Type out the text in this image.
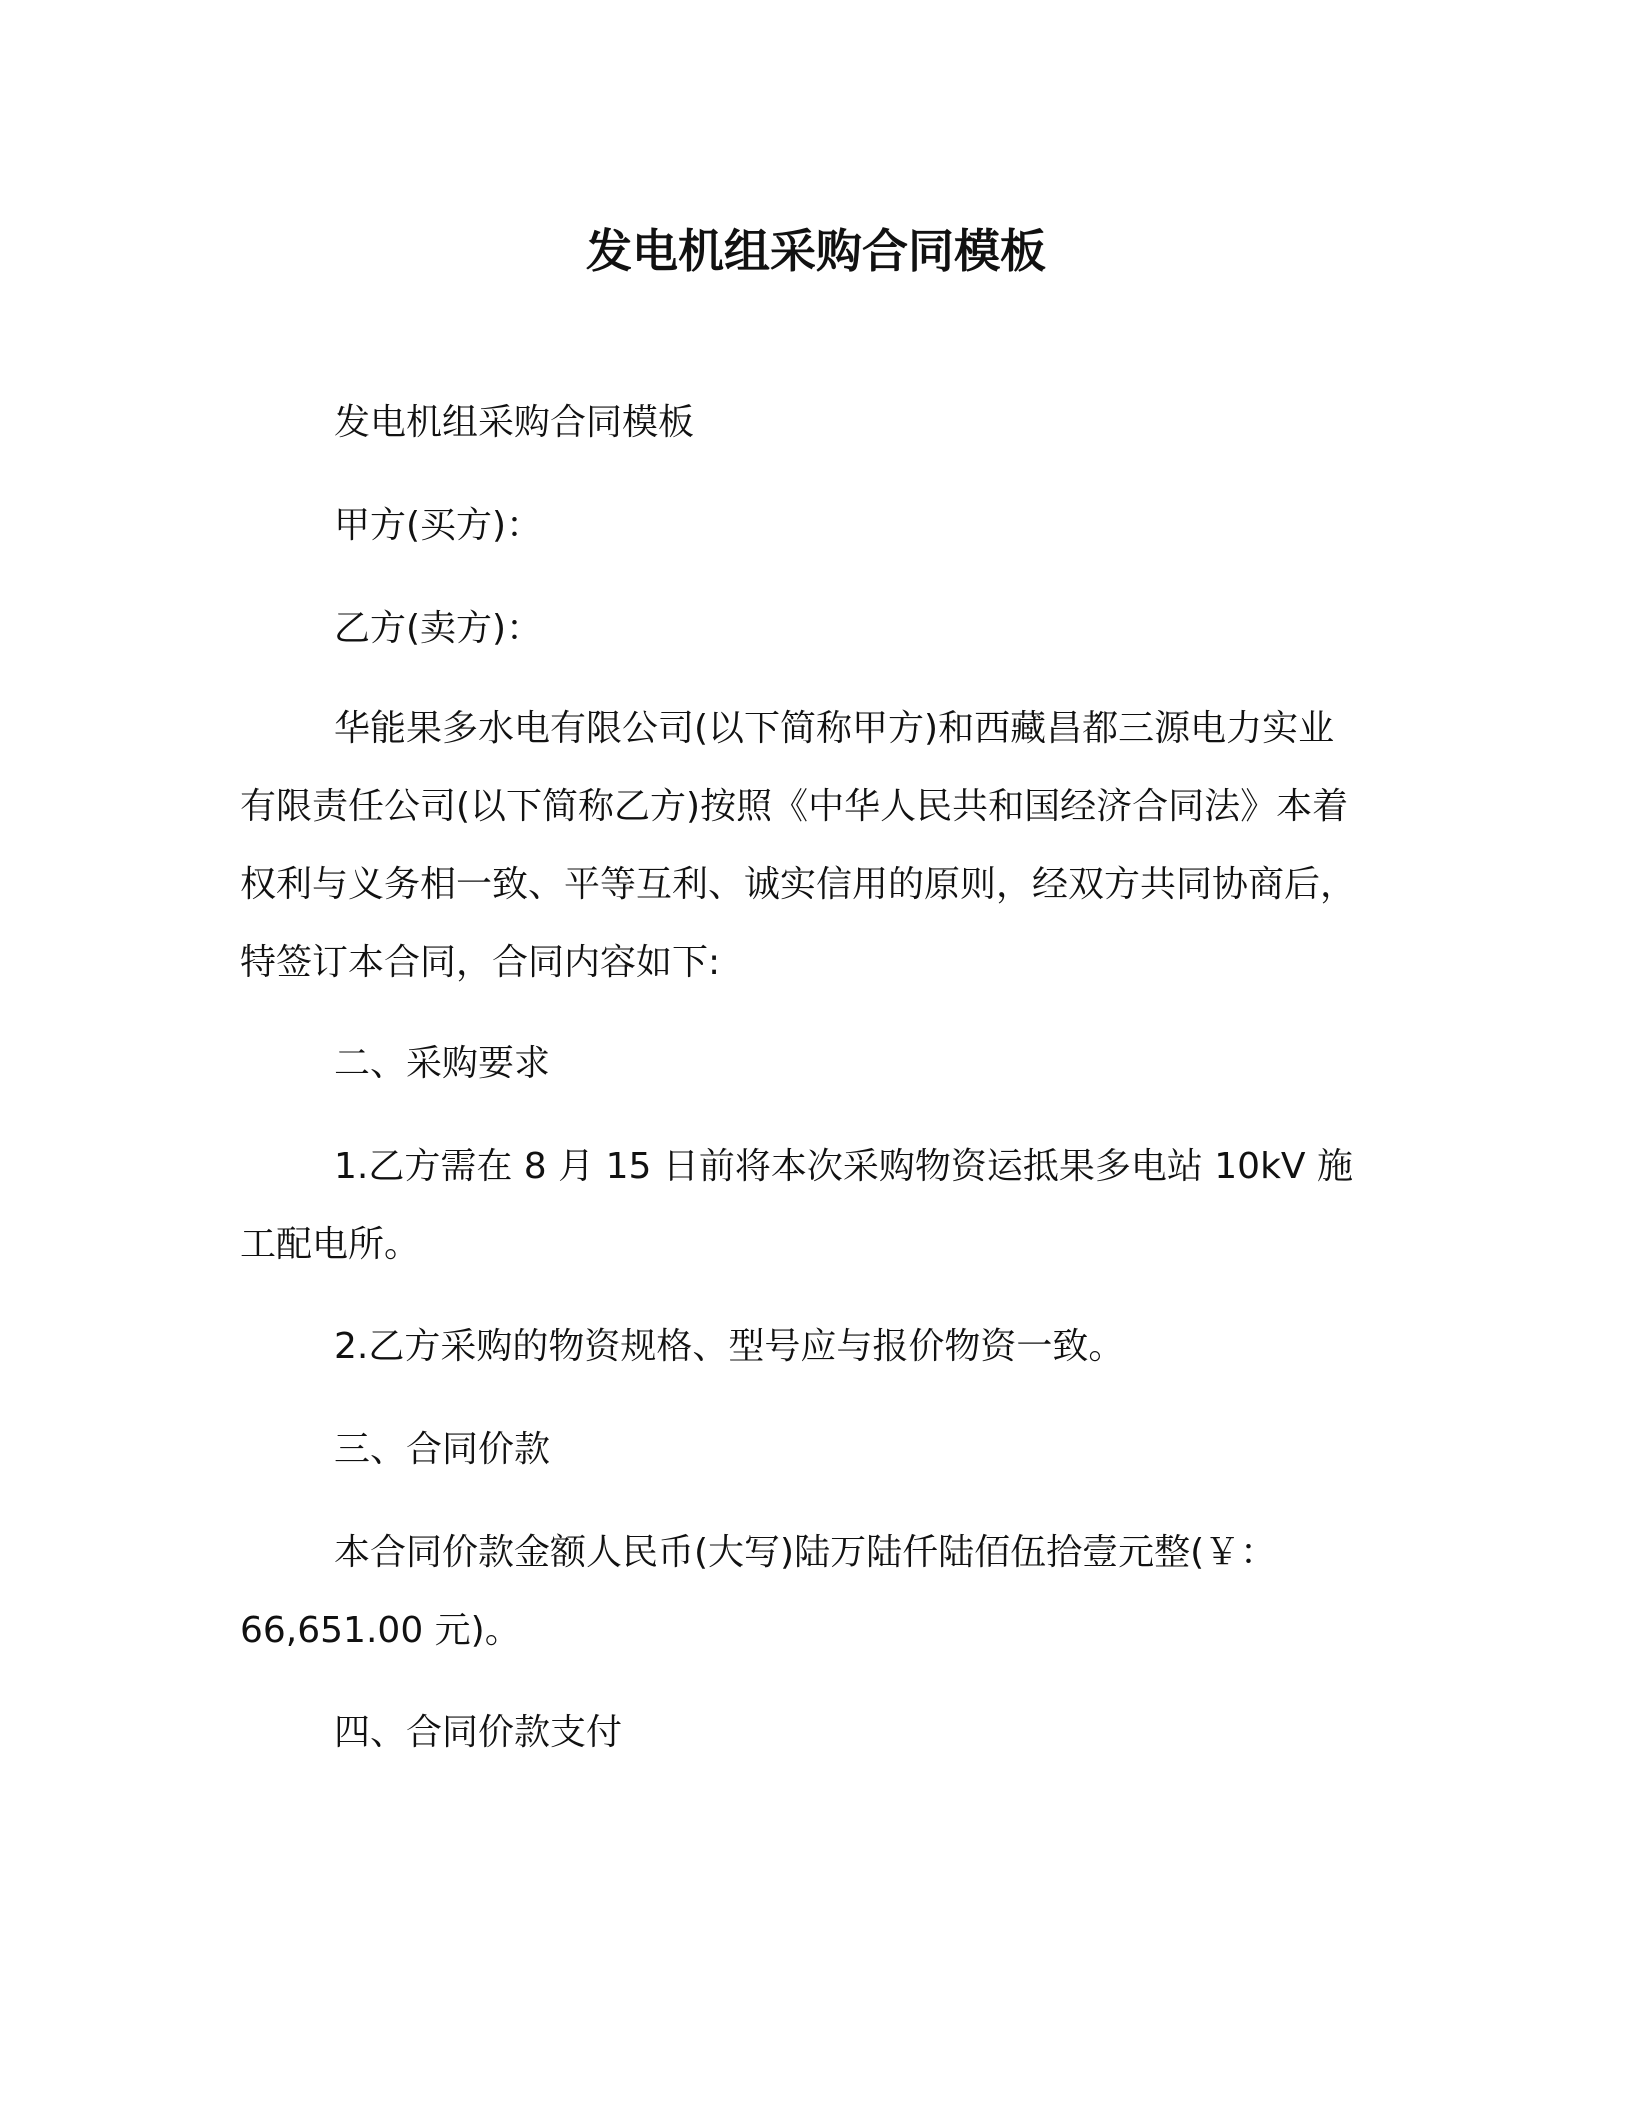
发电机组采购合同模板

发电机组采购合同模板

甲方(买方)：

乙方(卖方)：

华能果多水电有限公司(以下简称甲方)和西藏昌都三源电力实业
有限责任公司(以下简称乙方)按照《中华人民共和国经济合同法》本着
权利与义务相一致、平等互利、诚实信用的原则，经双方共同协商后，
特签订本合同，合同内容如下:

二、采购要求

1.乙方需在 8 月 15 日前将本次采购物资运抵果多电站 10kV 施
工配电所。

2.乙方采购的物资规格、型号应与报价物资一致。

三、合同价款

本合同价款金额人民币(大写)陆万陆仟陆佰伍拾壹元整(￥：
66,651.00 元)。

四、合同价款支付
